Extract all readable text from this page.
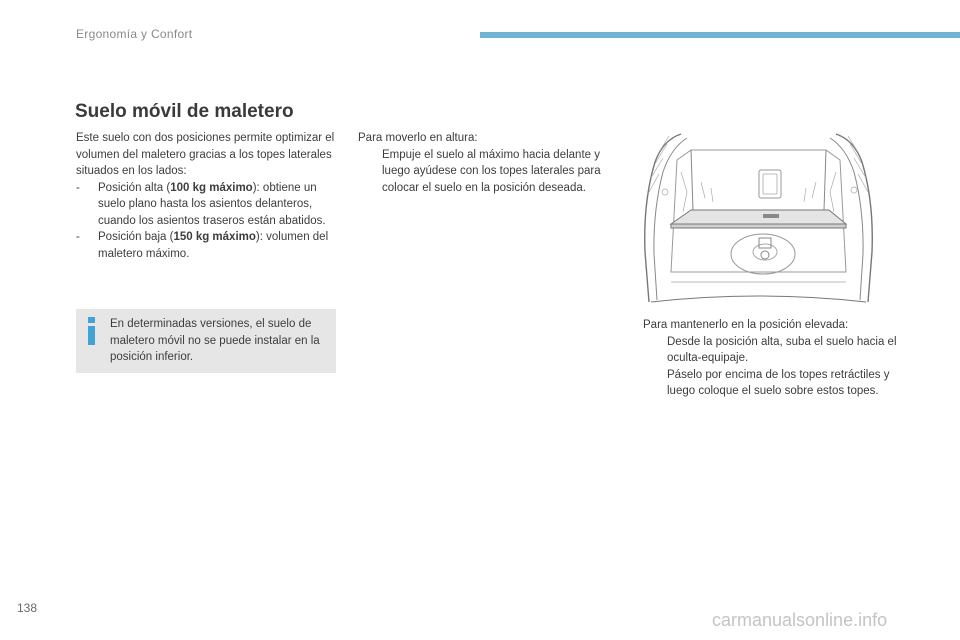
Ergonomía y Confort
Suelo móvil de maletero

Este suelo con dos posiciones permite optimizar el volumen del maletero gracias a los topes laterales situados en los lados:

- Posición alta (100 kg máximo): obtiene un suelo plano hasta los asientos delanteros, cuando los asientos traseros están abatidos.
- Posición baja (150 kg máximo): volumen del maletero máximo.
En determinadas versiones, el suelo de maletero móvil no se puede instalar en la posición inferior.

Para moverlo en altura:

Empuje el suelo al máximo hacia delante y luego ayúdese con los topes laterales para colocar el suelo en la posición deseada.

Para mantenerlo en la posición elevada:

Desde la posición alta, suba el suelo hacia el oculta-equipaje.
Páselo por encima de los topes retráctiles y luego coloque el suelo sobre estos topes.
138
carmanualsonline.info
